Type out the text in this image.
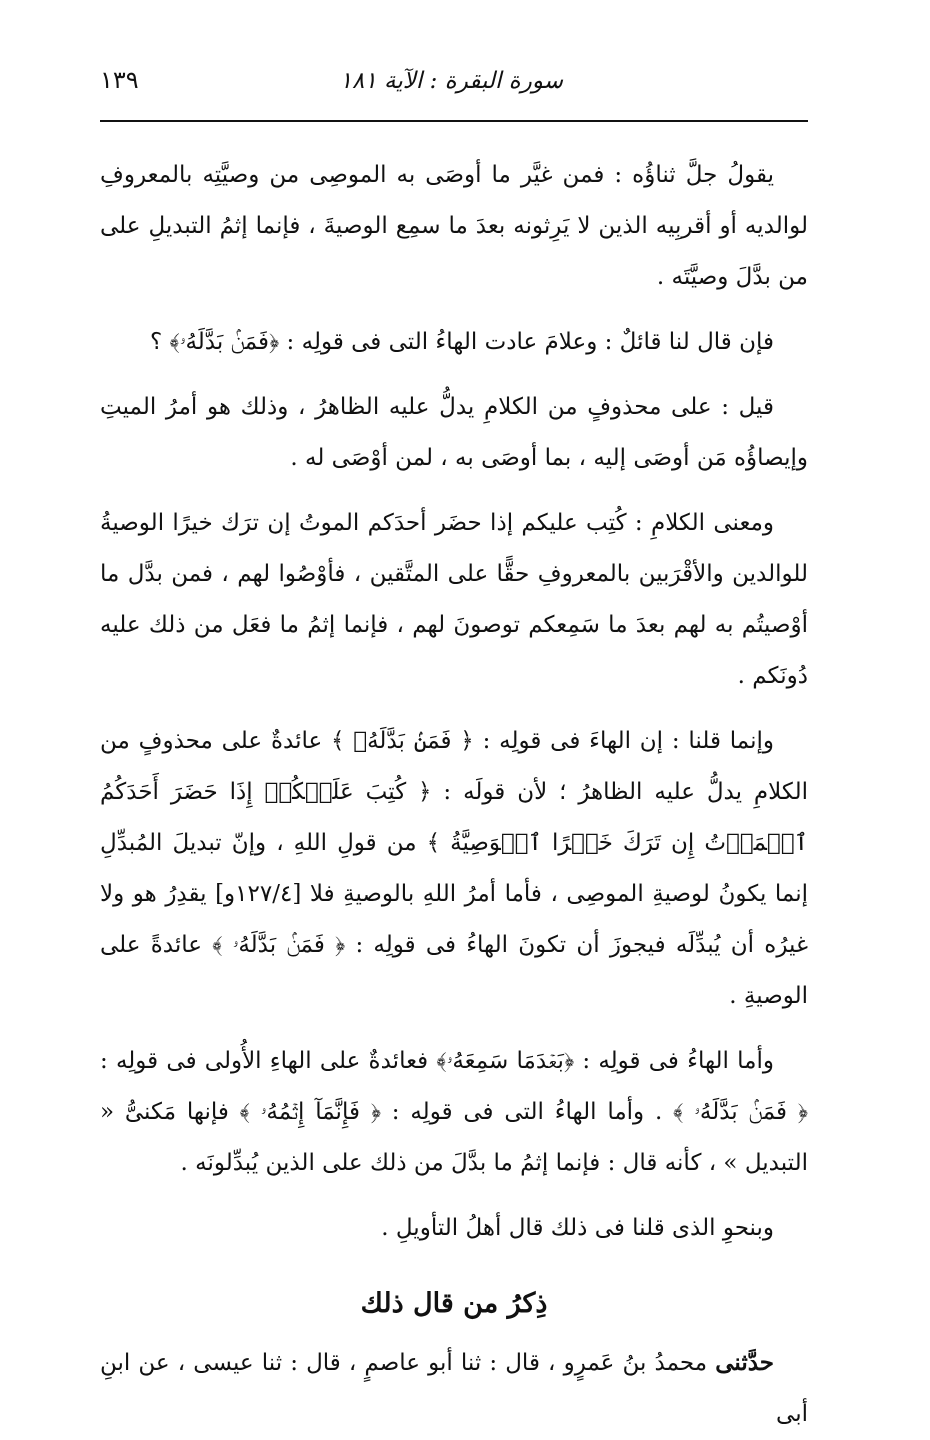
سورة البقرة : الآية ١٨١
١٣٩

يقولُ جلَّ ثناؤُه : فمن غيَّر ما أوصَى به الموصِى من وصيَّتِه بالمعروفِ لوالديه أو أقربِيه الذين لا يَرِثونه بعدَ ما سمِع الوصيةَ ، فإنما إثمُ التبديلِ على من بدَّلَ وصيَّتَه .

فإن قال لنا قائلٌ : وعلامَ عادت الهاءُ التى فى قولِه : ﴿فَمَنۢ بَدَّلَهُۥ﴾ ؟

قيل : على محذوفٍ من الكلامِ يدلُّ عليه الظاهرُ ، وذلك هو أمرُ الميتِ وإيصاؤُه مَن أوصَى إليه ، بما أوصَى به ، لمن أوْصَى له .

ومعنى الكلامِ : كُتِب عليكم إذا حضَر أحدَكم الموتُ إن ترَك خيرًا الوصيةُ للوالدين والأقْرَبين بالمعروفِ حقًّا على المتَّقين ، فأوْصُوا لهم ، فمن بدَّل ما أوْصيتُم به لهم بعدَ ما سَمِعكم توصونَ لهم ، فإنما إثمُ ما فعَل من ذلك عليه دُونَكم .

وإنما قلنا : إن الهاءَ فى قولِه : ﴿ فَمَنۢ بَدَّلَهُۥ ﴾ عائدةٌ على محذوفٍ من الكلامِ يدلُّ عليه الظاهرُ ؛ لأن قولَه : ﴿ كُتِبَ عَلَيۡكُمۡ إِذَا حَضَرَ أَحَدَكُمُ ٱلۡمَوۡتُ إِن تَرَكَ خَيۡرًا ٱلۡوَصِيَّةُ ﴾ من قولِ اللهِ ، وإنّ تبديلَ المُبدِّلِ إنما يكونُ لوصيةِ الموصِى ، فأما أمرُ اللهِ بالوصيةِ فلا [١٢٧/٤و] يقدِرُ هو ولا غيرُه أن يُبدِّلَه فيجوزَ أن تكونَ الهاءُ فى قولِه : ﴿ فَمَنۢ بَدَّلَهُۥ ﴾ عائدةً على الوصيةِ .

وأما الهاءُ فى قولِه : ﴿بَعۡدَمَا سَمِعَهُۥ﴾ فعائدةٌ على الهاءِ الأُولى فى قولِه : ﴿ فَمَنۢ بَدَّلَهُۥ ﴾ . وأما الهاءُ التى فى قولِه : ﴿ فَإِنَّمَآ إِثۡمُهُۥ ﴾ فإنها مَكنىُّ « التبديل » ، كأنه قال : فإنما إثمُ ما بدَّلَ من ذلك على الذين يُبدِّلونَه .

وبنحوِ الذى قلنا فى ذلك قال أهلُ التأويلِ .

ذِكرُ من قال ذلك

حدَّثنى محمدُ بنُ عَمرٍو ، قال : ثنا أبو عاصمٍ ، قال : ثنا عيسى ، عن ابنِ أبى
